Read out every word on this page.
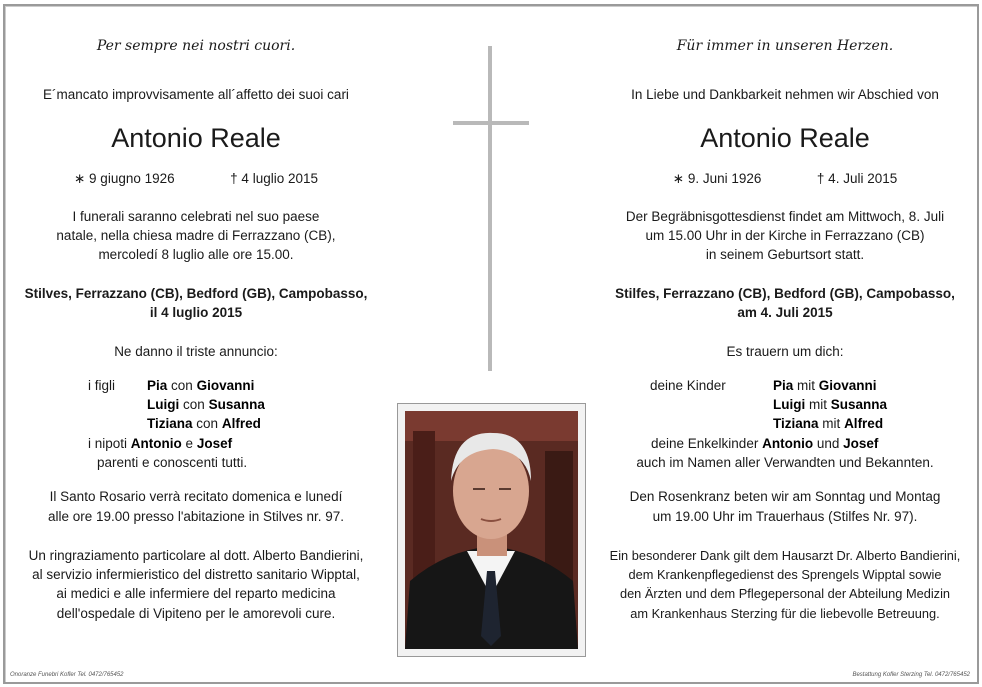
Per sempre nei nostri cuori.
E´mancato improvvisamente all´affetto dei suoi cari
Antonio Reale
∗ 9 giugno 1926	† 4 luglio 2015
I funerali saranno celebrati nel suo paese
natale, nella chiesa madre di Ferrazzano (CB),
mercoledí 8 luglio alle ore 15.00.
Stilves, Ferrazzano (CB), Bedford (GB), Campobasso,
il 4 luglio 2015
Ne danno il triste annuncio:
Il Santo Rosario verrà recitato domenica e lunedí
alle ore 19.00 presso l'abitazione in Stilves nr. 97.
Un ringraziamento particolare al dott. Alberto Bandierini,
al servizio infermieristico del distretto sanitario Wipptal,
ai medici e alle infermiere del reparto medicina
dell'ospedale di Vipiteno per le amorevoli cure.
i figli Pia con Giovanni
Luigi con Susanna
Tiziana con Alfred
i nipoti Antonio e Josef
parenti e conoscenti tutti.
Für immer in unseren Herzen.
In Liebe und Dankbarkeit nehmen wir Abschied von
Antonio Reale
∗ 9. Juni 1926	† 4. Juli 2015
Der Begräbnisgottesdienst findet am Mittwoch, 8. Juli
um 15.00 Uhr in der Kirche in Ferrazzano (CB)
in seinem Geburtsort statt.
Stilfes, Ferrazzano (CB), Bedford (GB), Campobasso,
am 4. Juli 2015
Es trauern um dich:
auch im Namen aller Verwandten und Bekannten.
Den Rosenkranz beten wir am Sonntag und Montag
um 19.00 Uhr im Trauerhaus (Stilfes Nr. 97).
Ein besonderer Dank gilt dem Hausarzt Dr. Alberto Bandierini,
dem Krankenpflegedienst des Sprengels Wipptal sowie
den Ärzten und dem Pflegepersonal der Abteilung Medizin
am Krankenhaus Sterzing für die liebevolle Betreuung.
deine Kinder	Pia mit Giovanni
Luigi mit Susanna
Tiziana mit Alfred
deine Enkelkinder Antonio und Josef
Onoranze Funebri Kofler Tel. 0472/765452	Bestattung Kofler Sterzing Tel. 0472/765452
